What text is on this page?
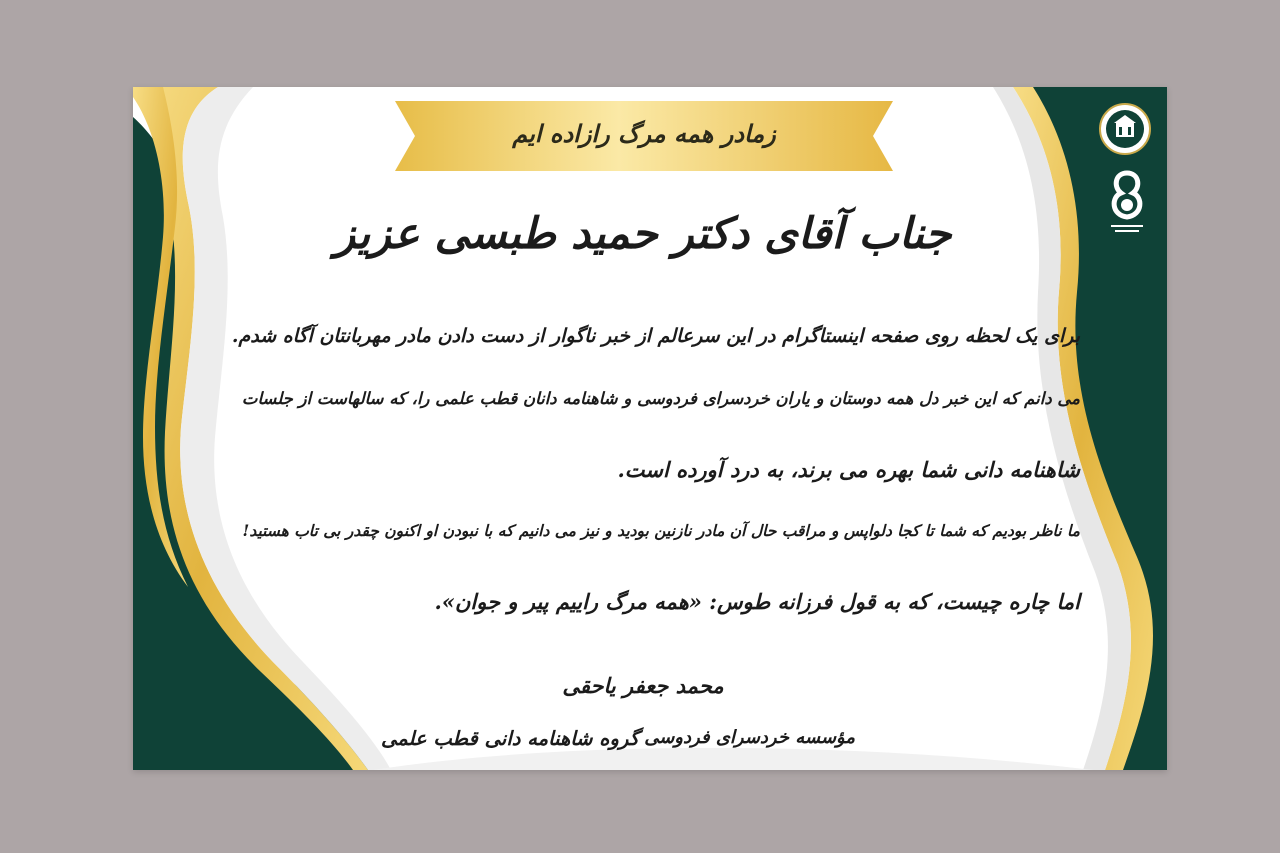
زمادر همه مرگ رازاده ایم
جناب آقای دکتر حمید طبسی عزیز
برای یک لحظه روی صفحه اینستاگرام در این سرعالم از خبر ناگوار از دست دادن مادر مهربانتان آگاه شدم.
می دانم که این خبر دل همه دوستان و یاران خردسرای فردوسی و شاهنامه دانان قطب علمی را، که سالهاست از جلسات
شاهنامه دانی شما بهره می برند، به درد آورده است.
ما ناظر بودیم که شما تا کجا دلواپس و مراقب حال آن مادر نازنین بودید و نیز می دانیم که با نبودن او اکنون چقدر بی تاب هستید!
اما چاره چیست، که به قول فرزانه طوس: «همه مرگ راییم پیر و جوان».
محمد جعفر یاحقی
مؤسسه خردسرای فردوسی
گروه شاهنامه دانی قطب علمی
